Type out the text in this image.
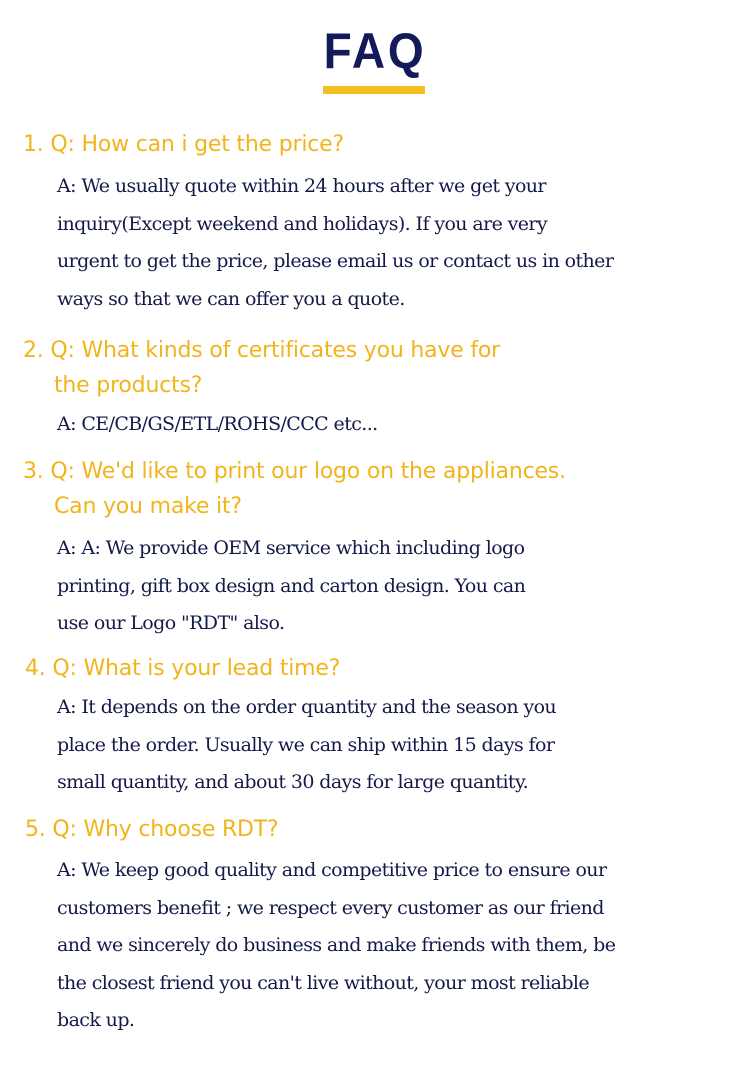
FAQ
1. Q: How can i get the price?
A: We usually quote within 24 hours after we get your
inquiry(Except weekend and holidays). If you are very
urgent to get the price, please email us or contact us in other
ways so that we can offer you a quote.
2. Q: What kinds of certificates you have for
the products?
A: CE/CB/GS/ETL/ROHS/CCC etc...
3. Q: We'd like to print our logo on the appliances.
Can you make it?
A: A: We provide OEM service which including logo
printing, gift box design and carton design. You can
use our Logo "RDT" also.
4. Q: What is your lead time?
A: It depends on the order quantity and the season you
place the order. Usually we can ship within 15 days for
small quantity, and about 30 days for large quantity.
5. Q: Why choose RDT?
A: We keep good quality and competitive price to ensure our
customers benefit ; we respect every customer as our friend
and we sincerely do business and make friends with them, be
the closest friend you can't live without, your most reliable
back up.
